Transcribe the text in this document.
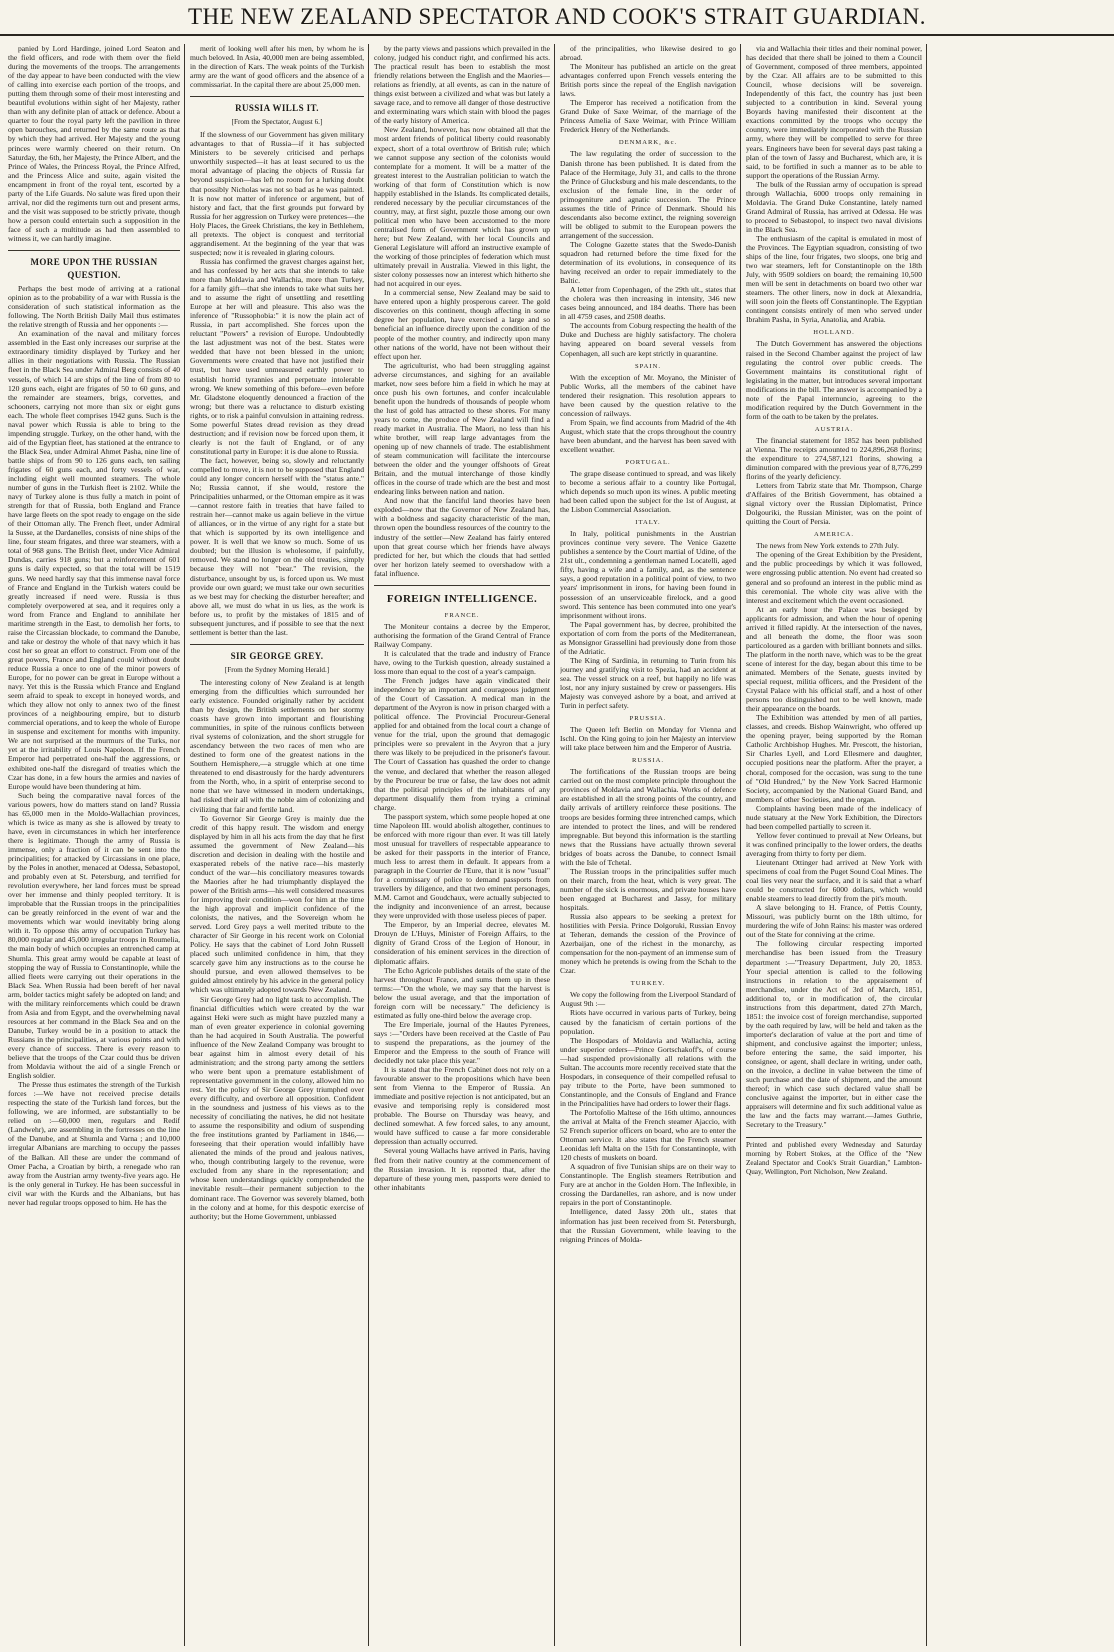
THE NEW ZEALAND SPECTATOR AND COOK'S STRAIT GUARDIAN.

panied by Lord Hardinge, joined Lord Seaton and the field officers, and rode with them over the field during the movements of the troops. The arrangements of the day appear to have been conducted with the view of calling into exercise each portion of the troops, and putting them through some of their most interesting and beautiful evolutions within sight of her Majesty, rather than with any definite plan of attack or defence. About a quarter to four the royal party left the pavilion in three open barouches, and returned by the same route as that by which they had arrived. Her Majesty and the young princes were warmly cheered on their return. On Saturday, the 6th, her Majesty, the Prince Albert, and the Prince of Wales, the Princess Royal, the Prince Alfred, and the Princess Alice and suite, again visited the encampment in front of the royal tent, escorted by a party of the Life Guards. No salute was fired upon their arrival, nor did the regiments turn out and present arms, and the visit was supposed to be strictly private, though how a person could entertain such a supposition in the face of such a multitude as had then assembled to witness it, we can hardly imagine.

MORE UPON THE RUSSIAN QUESTION.

Perhaps the best mode of arriving at a rational opinion as to the probability of a war with Russia is the consideration of such statistical information as the following. The North British Daily Mail thus estimates the relative strength of Russia and her opponents :—

An examination of the naval and military forces assembled in the East only increases our surprise at the extraordinary timidity displayed by Turkey and her allies in their negotiations with Russia. The Russian fleet in the Black Sea under Admiral Berg consists of 40 vessels, of which 14 are ships of the line of from 80 to 120 guns each, eight are frigates of 50 to 60 guns, and the remainder are steamers, brigs, corvettes, and schooners, carrying not more than six or eight guns each. The whole fleet comprises 1942 guns. Such is the naval power which Russia is able to bring to the impending struggle. Turkey, on the other hand, with the aid of the Egyptian fleet, has stationed at the entrance to the Black Sea, under Admiral Ahmet Pasha, nine line of battle ships of from 90 to 126 guns each, ten sailing frigates of 60 guns each, and forty vessels of war, including eight well mounted steamers. The whole number of guns in the Turkish fleet is 2102. While the navy of Turkey alone is thus fully a match in point of strength for that of Russia, both England and France have large fleets on the spot ready to engage on the side of their Ottoman ally. The French fleet, under Admiral la Susse, at the Dardanelles, consists of nine ships of the line, four steam frigates, and three war steamers, with a total of 968 guns. The British fleet, under Vice Admiral Dundas, carries 918 guns; but a reinforcement of 601 guns is daily expected, so that the total will be 1519 guns. We need hardly say that this immense naval force of France and England in the Turkish waters could be greatly increased if need were. Russia is thus completely overpowered at sea, and it requires only a word from France and England to annihilate her maritime strength in the East, to demolish her forts, to raise the Circassian blockade, to command the Danube, and take or destroy the whole of that navy which it has cost her so great an effort to construct. From one of the great powers, France and England could without doubt reduce Russia a once to one of the minor powers of Europe, for no power can be great in Europe without a navy. Yet this is the Russia which France and England seem afraid to speak to except in honeyed words, and which they allow not only to annex two of the finest provinces of a neighbouring empire, but to disturb commercial operations, and to keep the whole of Europe in suspense and excitement for months with impunity. We are not surprised at the murmurs of the Turks, nor yet at the irritability of Louis Napoleon. If the French Emperor had perpetrated one-half the aggressions, or exhibited one-half the disregard of treaties which the Czar has done, in a few hours the armies and navies of Europe would have been thundering at him.

Such being the comparative naval forces of the various powers, how do matters stand on land? Russia has 65,000 men in the Moldo-Wallachian provinces, which is twice as many as she is allowed by treaty to have, even in circumstances in which her interference there is legitimate. Though the army of Russia is immense, only a fraction of it can be sent into the principalities; for attacked by Circassians in one place, by the Poles in another, menaced at Odessa, Sebastopol, and probably even at St. Petersburg, and terrified for revolution everywhere, her land forces must be spread over her immense and thinly peopled territory. It is improbable that the Russian troops in the principalities can be greatly reinforced in the event of war and the movements which war would inevitably bring along with it. To oppose this army of occupation Turkey has 80,000 regular and 45,000 irregular troops in Roumelia, the main body of which occupies an entrenched camp at Shumla. This great army would be capable at least of stopping the way of Russia to Constantinople, while the allied fleets were carrying out their operations in the Black Sea. When Russia had been bereft of her naval arm, bolder tactics might safely be adopted on land; and with the military reinforcements which could be drawn from Asia and from Egypt, and the overwhelming naval resources at her command in the Black Sea and on the Danube, Turkey would be in a position to attack the Russians in the principalities, at various points and with every chance of success. There is every reason to believe that the troops of the Czar could thus be driven from Moldavia without the aid of a single French or English soldier.

The Presse thus estimates the strength of the Turkish forces :—We have not received precise details respecting the state of the Turkish land forces, but the following, we are informed, are substantially to be relied on :—60,000 men, regulars and Redif (Landwehr), are assembling in the fortresses on the line of the Danube, and at Shumla and Varna ; and 10,000 irregular Albanians are marching to occupy the passes of the Balkan. All these are under the command of Omer Pacha, a Croatian by birth, a renegade who ran away from the Austrian army twenty-five years ago. He is the only general in Turkey. He has been successful in civil war with the Kurds and the Albanians, but has never had regular troops opposed to him. He has the

merit of looking well after his men, by whom he is much beloved. In Asia, 40,000 men are being assembled, in the direction of Kars. The weak points of the Turkish army are the want of good officers and the absence of a commissariat. In the capital there are about 25,000 men.

RUSSIA WILLS IT.

[From the Spectator, August 6.]

If the slowness of our Government has given military advantages to that of Russia—if it has subjected Ministers to be severely criticised and perhaps unworthily suspected—it has at least secured to us the moral advantage of placing the objects of Russia far beyond suspicion—has left no room for a lurking doubt that possibly Nicholas was not so bad as he was painted. It is now not matter of inference or argument, but of history and fact, that the first grounds put forward by Russia for her aggression on Turkey were pretences—the Holy Places, the Greek Christians, the key in Bethlehem, all pretexts. The object is conquest and territorial aggrandisement. At the beginning of the year that was suspected; now it is revealed in glaring colours.

Russia has confirmed the gravest charges against her, and has confessed by her acts that she intends to take more than Moldavia and Wallachia, more than Turkey, for a family gift—that she intends to take what suits her and to assume the right of unsettling and resettling Europe at her will and pleasure. This also was the inference of "Russophobia:" it is now the plain act of Russia, in part accomplished. She forces upon the reluctant "Powers" a revision of Europe. Undoubtedly the last adjustment was not of the best. States were wedded that have not been blessed in the union; Governments were created that have not justified their trust, but have used unmeasured earthly power to establish horrid tyrannies and perpetuate intolerable wrong. We knew something of this before—even before Mr. Gladstone eloquently denounced a fraction of the wrong; but there was a reluctance to disturb existing rights, or to risk a painful convulsion in attaining redress. Some powerful States dread revision as they dread destruction; and if revision now be forced upon them, it clearly is not the fault of England, or of any constitutional party in Europe: it is due alone to Russia.

The fact, however, being so, slowly and reluctantly compelled to move, it is not to be supposed that England could any longer concern herself with the "status ante." No; Russia cannot, if she would, restore the Principalities unharmed, or the Ottoman empire as it was—cannot restore faith in treaties that have failed to restrain her—cannot make us again believe in the virtue of alliances, or in the virtue of any right for a state but that which is supported by its own intelligence and power. It is well that we know so much. Some of us doubted; but the illusion is wholesome, if painfully, removed. We stand no longer on the old treaties, simply because they will not "bear." The revision, the disturbance, unsought by us, is forced upon us. We must provide our own guard; we must take our own securities as we best may for checking the disturber hereafter; and above all, we must do what in us lies, as the work is before us, to profit by the mistakes of 1815 and of subsequent junctures, and if possible to see that the next settlement is better than the last.

SIR GEORGE GREY.

[From the Sydney Morning Herald.]

The interesting colony of New Zealand is at length emerging from the difficulties which surrounded her early existence. Founded originally rather by accident than by design, the British settlements on her stormy coasts have grown into important and flourishing communities, in spite of the ruinous conflicts between rival systems of colonization, and the short struggle for ascendancy between the two races of men who are destined to form one of the greatest nations in the Southern Hemisphere,—a struggle which at one time threatened to end disastrously for the hardy adventurers from the North, who, in a spirit of enterprise second to none that we have witnessed in modern undertakings, had risked their all with the noble aim of colonizing and civilizing that fair and fertile land.

To Governor Sir George Grey is mainly due the credit of this happy result. The wisdom and energy displayed by him in all his acts from the day that he first assumed the government of New Zealand—his discretion and decision in dealing with the hostile and exasperated rebels of the native race—his masterly conduct of the war—his conciliatory measures towards the Maories after he had triumphantly displayed the power of the British arms—his well considered measures for improving their condition—won for him at the time the high approval and implicit confidence of the colonists, the natives, and the Sovereign whom he served. Lord Grey pays a well merited tribute to the character of Sir George in his recent work on Colonial Policy. He says that the cabinet of Lord John Russell placed such unlimited confidence in him, that they scarcely gave him any instructions as to the course he should pursue, and even allowed themselves to be guided almost entirely by his advice in the general policy which was ultimately adopted towards New Zealand.

Sir George Grey had no light task to accomplish. The financial difficulties which were created by the war against Heki were such as might have puzzled many a man of even greater experience in colonial governing than he had acquired in South Australia. The powerful influence of the New Zealand Company was brought to bear against him in almost every detail of his administration; and the strong party among the settlers who were bent upon a premature establishment of representative government in the colony, allowed him no rest. Yet the policy of Sir George Grey triumphed over every difficulty, and overbore all opposition. Confident in the soundness and justness of his views as to the necessity of conciliating the natives, he did not hesitate to assume the responsibility and odium of suspending the free institutions granted by Parliament in 1846,—foreseeing that their operation would infallibly have alienated the minds of the proud and jealous natives, who, though contributing largely to the revenue, were excluded from any share in the representation; and whose keen understandings quickly comprehended the inevitable result—their permanent subjection to the dominant race. The Governor was severely blamed, both in the colony and at home, for this despotic exercise of authority; but the Home Government, unbiassed

by the party views and passions which prevailed in the colony, judged his conduct right, and confirmed his acts. The practical result has been to establish the most friendly relations between the English and the Maories—relations as friendly, at all events, as can in the nature of things exist between a civilized and what was but lately a savage race, and to remove all danger of those destructive and exterminating wars which stain with blood the pages of the early history of America.

New Zealand, however, has now obtained all that the most ardent friends of political liberty could reasonably expect, short of a total overthrow of British rule; which we cannot suppose any section of the colonists would contemplate for a moment. It will be a matter of the greatest interest to the Australian politician to watch the working of that form of Constitution which is now happily established in the Islands. Its complicated details, rendered necessary by the peculiar circumstances of the country, may, at first sight, puzzle those among our own political men who have been accustomed to the more centralised form of Government which has grown up here; but New Zealand, with her local Councils and General Legislature will afford an instructive example of the working of those principles of federation which must ultimately prevail in Australia. Viewed in this light, the sister colony possesses now an interest which hitherto she had not acquired in our eyes.

In a commercial sense, New Zealand may be said to have entered upon a highly prosperous career. The gold discoveries on this continent, though affecting in some degree her population, have exercised a large and so beneficial an influence directly upon the condition of the people of the mother country, and indirectly upon many other nations of the world, have not been without their effect upon her.

The agriculturist, who had been struggling against adverse circumstances, and sighing for an available market, now sees before him a field in which he may at once push his own fortunes, and confer incalculable benefit upon the hundreds of thousands of people whom the lust of gold has attracted to these shores. For many years to come, the produce of New Zealand will find a ready market in Australia. The Maori, no less than his white brother, will reap large advantages from the opening up of new channels of trade. The establishment of steam communication will facilitate the intercourse between the older and the younger offshoots of Great Britain, and the mutual interchange of those kindly offices in the course of trade which are the best and most endearing links between nation and nation.

And now that the fanciful land theories have been exploded—now that the Governor of New Zealand has, with a boldness and sagacity characteristic of the man, thrown open the boundless resources of the country to the industry of the settler—New Zealand has fairly entered upon that great course which her friends have always predicted for her, but which the clouds that had settled over her horizon lately seemed to overshadow with a fatal influence.

FOREIGN INTELLIGENCE.

FRANCE.

The Moniteur contains a decree by the Emperor, authorising the formation of the Grand Central of France Railway Company.

It is calculated that the trade and industry of France have, owing to the Turkish question, already sustained a loss more than equal to the cost of a year's campaign.

The French judges have again vindicated their independence by an important and courageous judgment of the Court of Cassation. A medical man in the department of the Avyron is now in prison charged with a political offence. The Provincial Procureur-General applied for and obtained from the local court a change of venue for the trial, upon the ground that demagogic principles were so prevalent in the Avyron that a jury there was likely to be prejudiced in the prisoner's favour. The Court of Cassation has quashed the order to change the venue, and declared that whether the reason alleged by the Procureur be true or false, the law does not admit that the political principles of the inhabitants of any department disqualify them from trying a criminal charge.

The passport system, which some people hoped at one time Napoleon III. would abolish altogether, continues to be enforced with more rigour than ever. It was till lately most unusual for travellers of respectable appearance to be asked for their passports in the interior of France, much less to arrest them in default. It appears from a paragraph in the Courrier de l'Eure, that it is now "usual" for a commissary of police to demand passports from travellers by diligence, and that two eminent personages, M.M. Carnot and Goudchaux, were actually subjected to the indignity and inconvenience of an arrest, because they were unprovided with those useless pieces of paper.

The Emperor, by an Imperial decree, elevates M. Drouyn de L'Huys, Minister of Foreign Affairs, to the dignity of Grand Cross of the Legion of Honour, in consideration of his eminent services in the direction of diplomatic affairs.

The Echo Agricole publishes details of the state of the harvest throughout France, and sums them up in these terms:—"On the whole, we may say that the harvest is below the usual average, and that the importation of foreign corn will be necessary." The deficiency is estimated as fully one-third below the average crop.

The Ere Imperiale, journal of the Hautes Pyrenees, says :—"Orders have been received at the Castle of Pau to suspend the preparations, as the journey of the Emperor and the Empress to the south of France will decidedly not take place this year."

It is stated that the French Cabinet does not rely on a favourable answer to the propositions which have been sent from Vienna to the Emperor of Russia. An immediate and positive rejection is not anticipated, but an evasive and temporising reply is considered most probable. The Bourse on Thursday was heavy, and declined somewhat. A few forced sales, to any amount, would have sufficed to cause a far more considerable depression than actually occurred.

Several young Wallachs have arrived in Paris, having fled from their native country at the commencement of the Russian invasion. It is reported that, after the departure of these young men, passports were denied to other inhabitants

of the principalities, who likewise desired to go abroad.

The Moniteur has published an article on the great advantages conferred upon French vessels entering the British ports since the repeal of the English navigation laws.

The Emperor has received a notification from the Grand Duke of Saxe Weimar, of the marriage of the Princess Amelia of Saxe Weimar, with Prince William Frederick Henry of the Netherlands.

DENMARK, &c.

The law regulating the order of succession to the Danish throne has been published. It is dated from the Palace of the Hermitage, July 31, and calls to the throne the Prince of Glucksburg and his male descendants, to the exclusion of the female line, in the order of primogeniture and agnatic succession. The Prince assumes the title of Prince of Denmark. Should his descendants also become extinct, the reigning sovereign will be obliged to submit to the European powers the arrangement of the succession.

The Cologne Gazette states that the Swedo-Danish squadron had returned before the time fixed for the determination of its evolutions, in consequence of its having received an order to repair immediately to the Baltic.

A letter from Copenhagen, of the 29th ult., states that the cholera was then increasing in intensity, 346 new cases being announced, and 184 deaths. There has been in all 4759 cases, and 2508 deaths.

The accounts from Coburg respecting the health of the Duke and Duchess are highly satisfactory. The cholera having appeared on board several vessels from Copenhagen, all such are kept strictly in quarantine.

SPAIN.

With the exception of Mr. Moyano, the Minister of Public Works, all the members of the cabinet have tendered their resignation. This resolution appears to have been caused by the question relative to the concession of railways.

From Spain, we find accounts from Madrid of the 4th August, which state that the crops throughout the country have been abundant, and the harvest has been saved with excellent weather.

PORTUGAL.

The grape disease continued to spread, and was likely to become a serious affair to a country like Portugal, which depends so much upon its wines. A public meeting had been called upon the subject for the 1st of August, at the Lisbon Commercial Association.

ITALY.

In Italy, political punishments in the Austrian provinces continue very severe. The Venice Gazette publishes a sentence by the Court martial of Udine, of the 21st ult., condemning a gentleman named Locatelli, aged fifty, having a wife and a family, and, as the sentence says, a good reputation in a political point of view, to two years' imprisonment in irons, for having been found in possession of an unserviceable firelock, and a good sword. This sentence has been commuted into one year's imprisonment without irons.

The Papal government has, by decree, prohibited the exportation of corn from the ports of the Mediterranean, as Monsignor Grassellini had previously done from those of the Adriatic.

The King of Sardinia, in returning to Turin from his journey and gratifying visit to Spezia, had an accident at sea. The vessel struck on a reef, but happily no life was lost, nor any injury sustained by crew or passengers. His Majesty was conveyed ashore by a boat, and arrived at Turin in perfect safety.

PRUSSIA.

The Queen left Berlin on Monday for Vienna and Ischl. On the King going to join her Majesty an interview will take place between him and the Emperor of Austria.

RUSSIA.

The fortifications of the Russian troops are being carried out on the most complete principle throughout the provinces of Moldavia and Wallachia. Works of defence are established in all the strong points of the country, and daily arrivals of artillery reinforce these positions. The troops are besides forming three intrenched camps, which are intended to protect the lines, and will be rendered impregnable. But beyond this information is the startling news that the Russians have actually thrown several bridges of boats across the Danube, to connect Ismail with the Isle of Tchetal.

The Russian troops in the principalities suffer much on their march, from the heat, which is very great. The number of the sick is enormous, and private houses have been engaged at Bucharest and Jassy, for military hospitals.

Russia also appears to be seeking a pretext for hostilities with Persia. Prince Dolgoruki, Russian Envoy at Teheran, demands the cession of the Province of Azerbaijan, one of the richest in the monarchy, as compensation for the non-payment of an immense sum of money which he pretends is owing from the Schah to the Czar.

TURKEY.

We copy the following from the Liverpool Standard of August 9th :—

Riots have occurred in various parts of Turkey, being caused by the fanaticism of certain portions of the population.

The Hospodars of Moldavia and Wallachia, acting under superior orders—Prince Gortschakoff's, of course—had suspended provisionally all relations with the Sultan. The accounts more recently received state that the Hospodars, in consequence of their compelled refusal to pay tribute to the Porte, have been summoned to Constantinople, and the Consuls of England and France in the Principalities have had orders to lower their flags.

The Portofolio Maltese of the 16th ultimo, announces the arrival at Malta of the French steamer Ajaccio, with 52 French superior officers on board, who are to enter the Ottoman service. It also states that the French steamer Leonidas left Malta on the 15th for Constantinople, with 120 chests of muskets on board.

A squadron of five Tunisian ships are on their way to Constantinople. The English steamers Retribution and Fury are at anchor in the Golden Horn. The Inflexible, in crossing the Dardanelles, ran ashore, and is now under repairs in the port of Constantinople.

Intelligence, dated Jassy 20th ult., states that information has just been received from St. Petersburgh, that the Russian Government, while leaving to the reigning Princes of Molda-

via and Wallachia their titles and their nominal power, has decided that there shall be joined to them a Council of Government, composed of three members, appointed by the Czar. All affairs are to be submitted to this Council, whose decisions will be sovereign. Independently of this fact, the country has just been subjected to a contribution in kind. Several young Boyards having manifested their discontent at the exactions committed by the troops who occupy the country, were immediately incorporated with the Russian army, where they will be compelled to serve for three years. Engineers have been for several days past taking a plan of the town of Jassy and Bucharest, which are, it is said, to be fortified in such a manner as to be able to support the operations of the Russian Army.

The bulk of the Russian army of occupation is spread through Wallachia, 6000 troops only remaining in Moldavia. The Grand Duke Constantine, lately named Grand Admiral of Russia, has arrived at Odessa. He was to proceed to Sebastopol, to inspect two naval divisions in the Black Sea.

The enthusiasm of the capital is emulated in most of the Provinces. The Egyptian squadron, consisting of two ships of the line, four frigates, two sloops, one brig and two war steamers, left for Constantinople on the 18th July, with 9509 soldiers on board; the remaining 10,500 men will be sent in detachments on board two other war steamers. The other liners, now in dock at Alexandria, will soon join the fleets off Constantinople. The Egyptian contingent consists entirely of men who served under Ibrahim Pasha, in Syria, Anatolia, and Arabia.

HOLLAND.

The Dutch Government has answered the objections raised in the Second Chamber against the project of law regulating the control over public creeds. The Government maintains its constitutional right of legislating in the matter, but introduces several important modifications in the bill. The answer is accompanied by a note of the Papal internuncio, agreeing to the modification required by the Dutch Government in the form of the oath to be taken by the prelates.

AUSTRIA.

The financial statement for 1852 has been published at Vienna. The receipts amounted to 224,896,268 florins; the expenditure to 274,587,121 florins, showing a diminution compared with the previous year of 8,776,299 florins of the yearly deficiency.

Letters from Tabriz state that Mr. Thompson, Charge d'Affaires of the British Government, has obtained a signal victory over the Russian Diplomatist, Prince Dolgouriki, the Russian Minister, was on the point of quitting the Court of Persia.

AMERICA.

The news from New York extends to 27th July.

The opening of the Great Exhibition by the President, and the public proceedings by which it was followed, were engrossing public attention. No event had created so general and so profound an interest in the public mind as this ceremonial. The whole city was alive with the interest and excitement which the event occasioned.

At an early hour the Palace was besieged by applicants for admission, and when the hour of opening arrived it filled rapidly. At the intersection of the naves, and all beneath the dome, the floor was soon particoloured as a garden with brilliant bonnets and silks. The platform in the north nave, which was to be the great scene of interest for the day, began about this time to be animated. Members of the Senate, guests invited by special request, militia officers, and the President of the Crystal Palace with his official staff, and a host of other persons too distinguished not to be well known, made their appearance on the boards.

The Exhibition was attended by men of all parties, classes, and creeds. Bishop Wainwright, who offered up the opening prayer, being supported by the Roman Catholic Archbishop Hughes. Mr. Prescott, the historian, Sir Charles Lyell, and Lord Ellesmere and daughter, occupied positions near the platform. After the prayer, a choral, composed for the occasion, was sung to the tune of "Old Hundred," by the New York Sacred Harmonic Society, accompanied by the National Guard Band, and members of other Societies, and the organ.

Complaints having been made of the indelicacy of nude statuary at the New York Exhibition, the Directors had been compelled partially to screen it.

Yellow fever continued to prevail at New Orleans, but it was confined principally to the lower orders, the deaths averaging from thirty to forty per diem.

Lieutenant Ottinger had arrived at New York with specimens of coal from the Puget Sound Coal Mines. The coal lies very near the surface, and it is said that a wharf could be constructed for 6000 dollars, which would enable steamers to lead directly from the pit's mouth.

A slave belonging to H. France, of Pettis County, Missouri, was publicly burnt on the 18th ultimo, for murdering the wife of John Rains: his master was ordered out of the State for conniving at the crime.

The following circular respecting imported merchandise has been issued from the Treasury department :—"Treasury Department, July 20, 1853. Your special attention is called to the following instructions in relation to the appraisement of merchandise, under the Act of 3rd of March, 1851, additional to, or in modification of, the circular instructions from this department, dated 27th March, 1851: the invoice cost of foreign merchandise, supported by the oath required by law, will be held and taken as the importer's declaration of value at the port and time of shipment, and conclusive against the importer; unless, before entering the same, the said importer, his consignee, or agent, shall declare in writing, under oath, on the invoice, a decline in value between the time of such purchase and the date of shipment, and the amount thereof; in which case such declared value shall be conclusive against the importer, but in either case the appraisers will determine and fix such additional value as the law and the facts may warrant.—James Guthrie, Secretary to the Treasury."

Printed and published every Wednesday and Saturday morning by Robert Stokes, at the Office of the "New Zealand Spectator and Cook's Strait Guardian," Lambton-Quay, Wellington, Port Nicholson, New Zealand.
